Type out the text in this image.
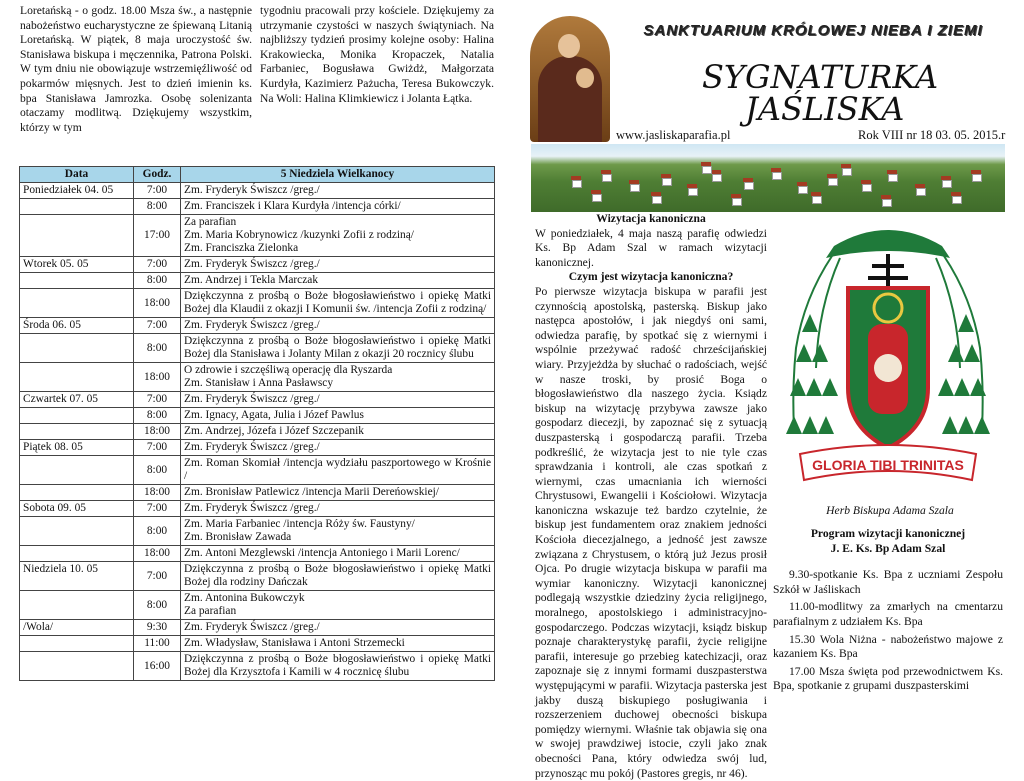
Loretańską - o godz. 18.00 Msza św., a następnie nabożeństwo eucharystyczne ze śpiewaną Litanią Loretańską. W piątek, 8 maja uroczystość św. Stanisława biskupa i męczennika, Patrona Polski. W tym dniu nie obowiązuje wstrzemięźliwość od pokarmów mięsnych. Jest to dzień imienin ks. bpa Stanisława Jamrozka. Osobę solenizanta otaczamy modlitwą. Dziękujemy wszystkim, którzy w tym

tygodniu pracowali przy kościele. Dziękujemy za utrzymanie czystości w naszych świątyniach. Na najbliższy tydzień prosimy kolejne osoby: Halina Krakowiecka, Monika Kropaczek, Natalia Farbaniec, Bogusława Gwiżdż, Małgorzata Kurdyła, Kazimierz Pażucha, Teresa Bukowczyk. Na Woli: Halina Klimkiewicz i Jolanta Łątka.

Data	Godz.	5 Niedziela Wielkanocy
Poniedziałek 04. 05	7:00	Zm. Fryderyk Świszcz /greg./
	8:00	Zm. Franciszek i Klara Kurdyła /intencja córki/
	17:00	Za parafian
Zm. Maria Kobrynowicz /kuzynki Zofii z rodziną/
Zm. Franciszka Zielonka
Wtorek 05. 05	7:00	Zm. Fryderyk Świszcz /greg./
	8:00	Zm. Andrzej i Tekla Marczak
	18:00	Dziękczynna z prośbą o Boże błogosławieństwo i opiekę Matki Bożej dla Klaudii z okazji I Komunii św. /intencja Zofii z rodziną/
Środa 06. 05	7:00	Zm. Fryderyk Świszcz /greg./
	8:00	Dziękczynna z prośbą o Boże błogosławieństwo i opiekę Matki Bożej dla Stanisława i Jolanty Milan z okazji 20 rocznicy ślubu
	18:00	O zdrowie i szczęśliwą operację dla Ryszarda
Zm. Stanisław i Anna Pasławscy
Czwartek 07. 05	7:00	Zm. Fryderyk Świszcz /greg./
	8:00	Zm. Ignacy, Agata, Julia i Józef Pawlus
	18:00	Zm. Andrzej, Józefa i Józef Szczepanik
Piątek 08. 05	7:00	Zm. Fryderyk Świszcz /greg./
	8:00	Zm. Roman Skomiał /intencja wydziału paszportowego w Krośnie /
	18:00	Zm. Bronisław Patlewicz /intencja Marii Dereńowskiej/
Sobota 09. 05	7:00	Zm. Fryderyk Świszcz /greg./
	8:00	Zm. Maria Farbaniec /intencja Róży św. Faustyny/
Zm. Bronisław Zawada
	18:00	Zm. Antoni Mezglewski /intencja Antoniego i Marii Lorenc/
Niedziela 10. 05	7:00	Dziękczynna z prośbą o Boże błogosławieństwo i opiekę Matki Bożej dla rodziny Dańczak
	8:00	Zm. Antonina Bukowczyk
Za parafian
/Wola/	9:30	Zm. Fryderyk Świszcz /greg./
	11:00	Zm. Władysław, Stanisława i Antoni Strzemecki
	16:00	Dziękczynna z prośbą o Boże błogosławieństwo i opiekę Matki Bożej dla Krzysztofa i Kamili w 4 rocznicę ślubu
SANKTUARIUM KRÓLOWEJ NIEBA I ZIEMI
SYGNATURKA
JAŚLISKA
www.jasliskaparafia.pl	Rok VIII nr 18 03. 05. 2015.r

Wizytacja kanoniczna

W poniedziałek, 4 maja naszą parafię odwiedzi Ks. Bp Adam Szal w ramach wizytacji kanonicznej.

Czym jest wizytacja kanoniczna?

Po pierwsze wizytacja biskupa w parafii jest czynnością apostolską, pasterską. Biskup jako następca apostołów, i jak niegdyś oni sami, odwiedza parafię, by spotkać się z wiernymi i wspólnie przeżywać radość chrześcijańskiej wiary. Przyjeżdża by słuchać o radościach, wejść w nasze troski, by prosić Boga o błogosławieństwo dla naszego życia. Ksiądz biskup na wizytację przybywa zawsze jako gospodarz diecezji, by zapoznać się z sytuacją duszpasterską i gospodarczą parafii. Trzeba podkreślić, że wizytacja jest to nie tyle czas sprawdzania i kontroli, ale czas spotkań z wiernymi, czas umacniania ich wierności Chrystusowi, Ewangelii i Kościołowi. Wizytacja kanoniczna wskazuje też bardzo czytelnie, że biskup jest fundamentem oraz znakiem jedności Kościoła diecezjalnego, a jedność jest zawsze związana z Chrystusem, o którą już Jezus prosił Ojca. Po drugie wizytacja biskupa w parafii ma wymiar kanoniczny. Wizytacji kanonicznej podlegają wszystkie dziedziny życia religijnego, moralnego, apostolskiego i administracyjno-gospodarczego. Podczas wizytacji, ksiądz biskup poznaje charakterystykę parafii, życie religijne parafii, interesuje go przebieg katechizacji, oraz zapoznaje się z innymi formami duszpasterstwa występującymi w parafii. Wizytacja pasterska jest jakby duszą biskupiego posługiwania i rozszerzeniem duchowej obecności biskupa pomiędzy wiernymi. Właśnie tak objawia się ona w swojej prawdziwej istocie, czyli jako znak obecności Pana, który odwiedza swój lud, przynosząc mu pokój (Pastores gregis, nr 46).

GLORIA TIBI TRINITAS
Herb Biskupa Adama Szala

Program wizytacji kanonicznej

J. E. Ks. Bp Adam Szal

9.30-spotkanie Ks. Bpa z uczniami Zespołu Szkół w Jaśliskach

11.00-modlitwy za zmarłych na cmentarzu parafialnym z udziałem Ks. Bpa

15.30 Wola Niżna - nabożeństwo majowe z kazaniem Ks. Bpa

17.00 Msza święta pod przewodnictwem Ks. Bpa, spotkanie z grupami duszpasterskimi
